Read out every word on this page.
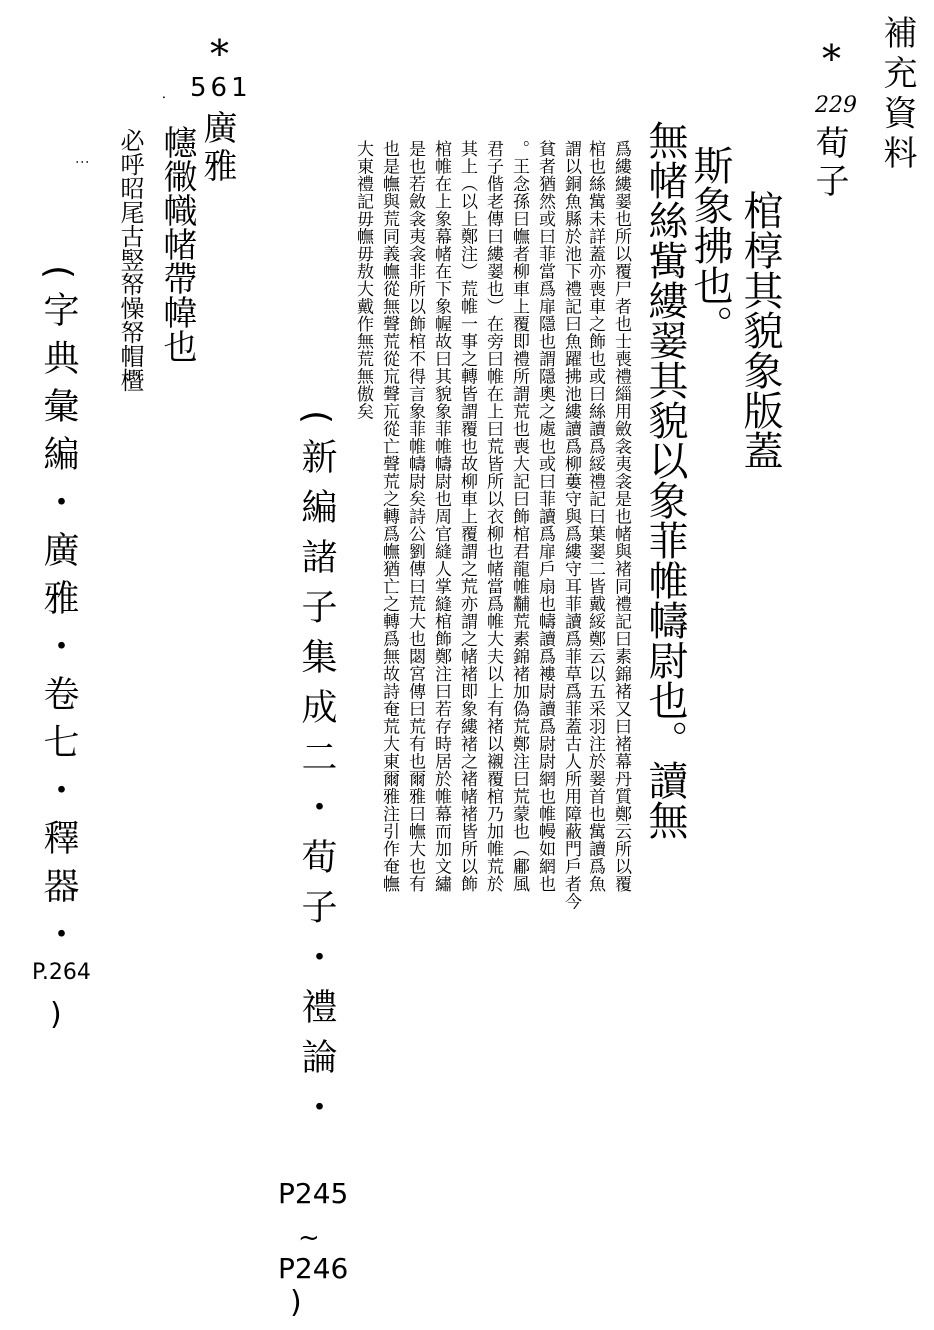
補充資料
*
229
荀子
棺椁其貌象版蓋
斯象拂也。
無帾絲歶縷翣其貌以象菲帷幬尉也。讀無
爲縷縷翣也所以覆尸者也士喪禮緇用斂衾夷衾是也帾與褚同禮記曰素錦褚又曰褚幕丹質鄭云所以覆
棺也絲歶未詳蓋亦喪車之飾也或曰絲讀爲綏禮記曰葉翣二皆戴綏鄭云以五采羽注於翣首也歶讀爲魚
謂以銅魚縣於池下禮記曰魚躍拂池縷讀爲柳蔞守與爲縷守耳菲讀爲菲草爲菲蓋古人所用障蔽門戶者今
貧者猶然或曰菲當爲扉隱也謂隱奧之處也或曰菲讀爲扉戶扇也幬讀爲褸尉讀爲尉尉網也帷幔如網也
。王念孫曰幠者柳車上覆即禮所謂荒也喪大記曰飾棺君龍帷黼荒素錦褚加偽荒鄭注曰荒蒙也（鄘風
君子偕老傳曰縷翣也）在旁曰帷在上曰荒皆所以衣柳也帾當爲帷大夫以上有褚以襯覆棺乃加帷荒於
其上（以上鄭注）荒帷一事之轉皆謂覆也故柳車上覆謂之荒亦謂之帾褚即象縷褚之褚帾褚皆所以飾
棺帷在上象幕帾在下象幄故曰其貌象菲帷幬尉也周官縫人掌縫棺飾鄭注曰若存時居於帷幕而加文繡
是也若斂衾夷衾非所以飾棺不得言象菲帷幬尉矣詩公劉傳曰荒大也閟宮傳曰荒有也爾雅曰幠大也有
也是幠與荒同義幠從無聲荒從巟聲巟從亡聲荒之轉爲幠猶亡之轉爲無故詩奄荒大東爾雅注引作奄幠
大東禮記毋幠毋敖大戴作無荒無傲矣
(新編諸子集成二・荀子・禮論・
P245
~
P246
)
*
561
廣雅
.
幰幑幟帾帶幃也
必呼昭尾古竪帑懆帑帽櫭
⋮
(字典彙編・廣雅・卷七・釋器・
P.264
)
